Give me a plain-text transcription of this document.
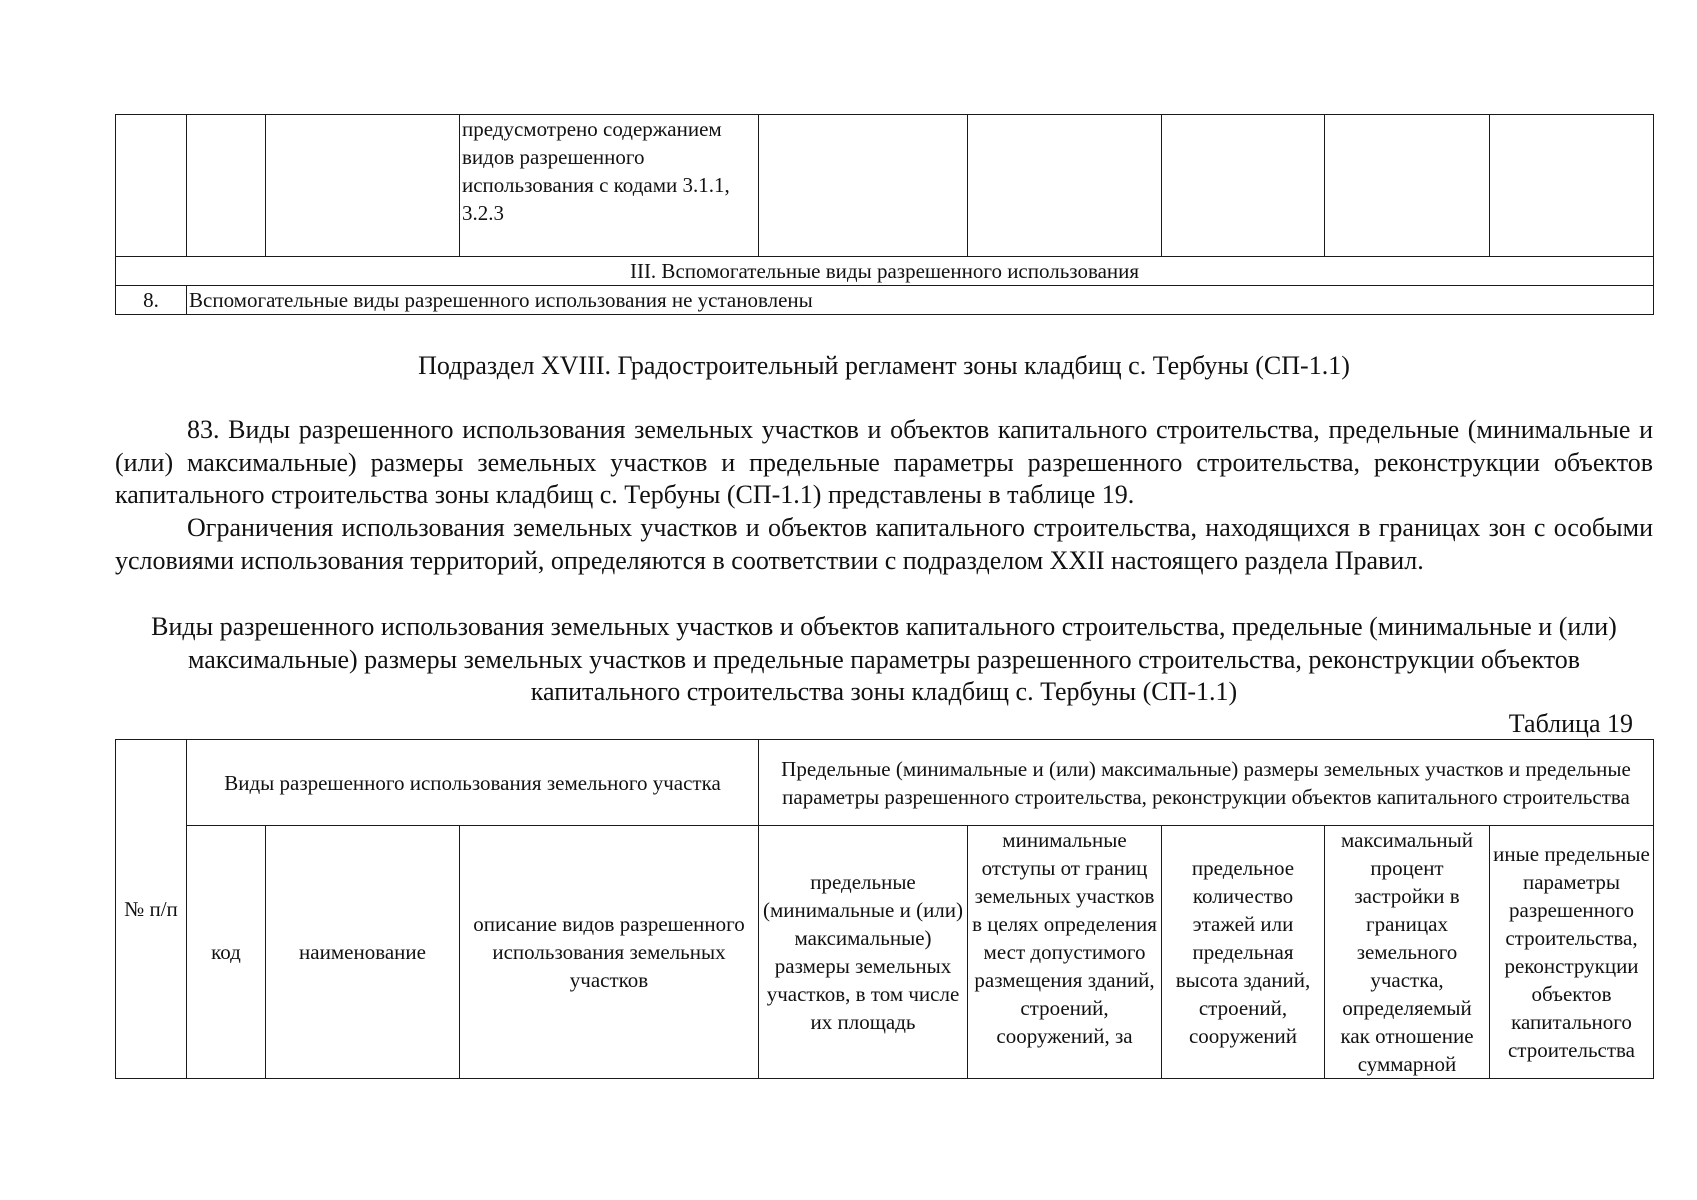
			предусмотрено содержанием видов разрешенного использования с кодами 3.1.1, 3.2.3					
III. Вспомогательные виды разрешенного использования								
8.	Вспомогательные виды разрешенного использования не установлены							
Подраздел XVIII. Градостроительный регламент зоны кладбищ с. Тербуны (СП-1.1)

83. Виды разрешенного использования земельных участков и объектов капитального строительства, предельные (минимальные и (или) максимальные) размеры земельных участков и предельные параметры разрешенного строительства, реконструкции объектов капитального строительства зоны кладбищ с. Тербуны (СП-1.1) представлены в таблице 19.

Ограничения использования земельных участков и объектов капитального строительства, находящихся в границах зон с особыми условиями использования территорий, определяются в соответствии с подразделом XXII настоящего раздела Правил.

Виды разрешенного использования земельных участков и объектов капитального строительства, предельные (минимальные и (или) максимальные) размеры земельных участков и предельные параметры разрешенного строительства, реконструкции объектов капитального строительства зоны кладбищ с. Тербуны (СП-1.1)
Таблица 19
№ п/п	Виды разрешенного использования земельного участка			Предельные (минимальные и (или) максимальные) размеры земельных участков и предельные параметры разрешенного строительства, реконструкции объектов капитального строительства				
	код	наименование	описание видов разрешенного использования земельных участков	предельные (минимальные и (или) максимальные) размеры земельных участков, в том числе их площадь	минимальные отступы от границ земельных участков в целях определения мест допустимого размещения зданий, строений, сооружений, за	предельное количество этажей или предельная высота зданий, строений, сооружений	максимальный процент застройки в границах земельного участка, определяемый как отношение суммарной	иные предельные параметры разрешенного строительства, реконструкции объектов капитального строительства
